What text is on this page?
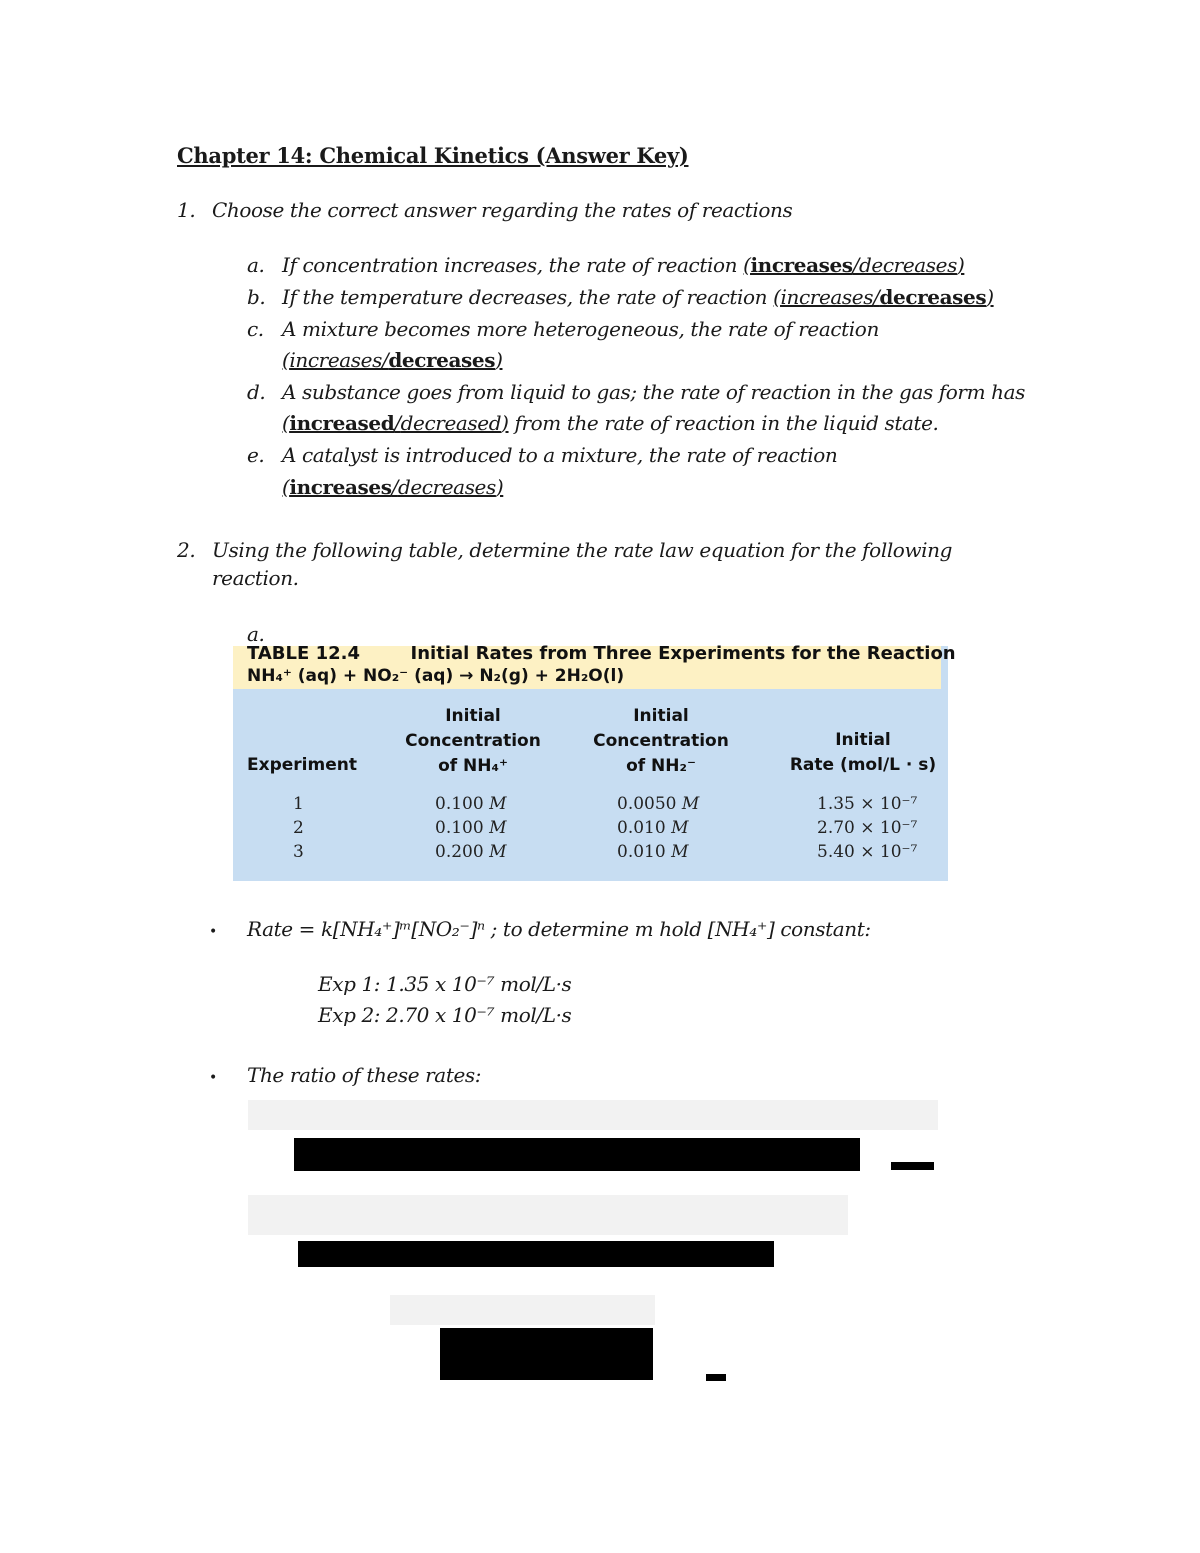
Chapter 14: Chemical Kinetics (Answer Key)
1. Choose the correct answer regarding the rates of reactions
a. If concentration increases, the rate of reaction (increases/decreases)
b. If the temperature decreases, the rate of reaction (increases/decreases)
c. A mixture becomes more heterogeneous, the rate of reaction
(increases/decreases)
d. A substance goes from liquid to gas; the rate of reaction in the gas form has
(increased/decreased) from the rate of reaction in the liquid state.
e. A catalyst is introduced to a mixture, the rate of reaction
(increases/decreases)
2. Using the following table, determine the rate law equation for the following
reaction.
a.
TABLE 12.4	Initial Rates from Three Experiments for the Reaction
NH₄⁺ (aq) + NO₂⁻ (aq) → N₂(g) + 2H₂O(l)
Experiment
Initial
Concentration
of NH₄⁺
Initial
Concentration
of NH₂⁻
Initial
Rate (mol/L · s)
1	0.100 M	0.0050 M	1.35 × 10⁻⁷
2	0.100 M	0.010 M	2.70 × 10⁻⁷
3	0.200 M	0.010 M	5.40 × 10⁻⁷
• Rate = k[NH₄⁺]ᵐ[NO₂⁻]ⁿ ; to determine m hold [NH₄⁺] constant:
Exp 1: 1.35 x 10⁻⁷ mol/L·s
Exp 2: 2.70 x 10⁻⁷ mol/L·s
• The ratio of these rates:
